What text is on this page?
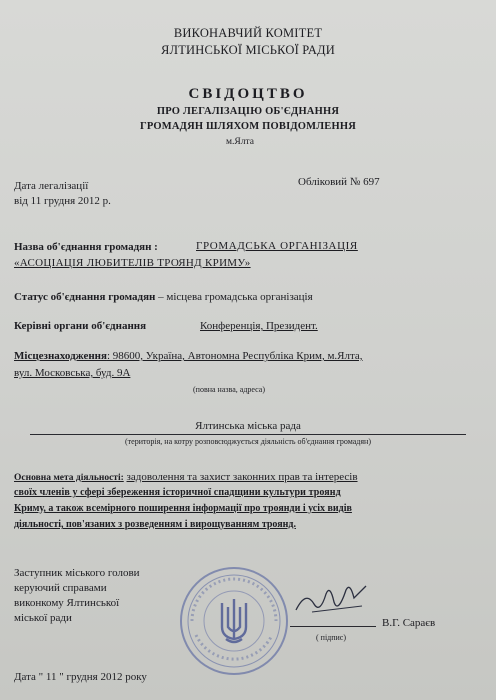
ВИКОНАВЧИЙ КОМІТЕТ
ЯЛТИНСЬКОЇ МІСЬКОЇ РАДИ
СВІДОЦТВО
ПРО ЛЕГАЛІЗАЦІЮ ОБ'ЄДНАННЯ
ГРОМАДЯН ШЛЯХОМ ПОВІДОМЛЕННЯ
м.Ялта
Дата легалізації
від 11 грудня 2012 р.
Обліковий № 697
Назва об'єднання громадян :	ГРОМАДСЬКА ОРГАНІЗАЦІЯ
«АСОЦІАЦІЯ ЛЮБИТЕЛІВ ТРОЯНД КРИМУ»
Статус об'єднання громадян – місцева громадська організація
Керівні органи об'єднання	Конференція, Президент.
Місцезнаходження: 98600, Україна, Автономна Республіка Крим, м.Ялта,
вул. Московська, буд. 9А
(повна назва, адреса)
Ялтинська міська рада
(територія, на котру розповсюджується діяльність об'єднання громадян)
Основна мета діяльності: задоволення та захист законних прав та інтересів
своїх членів у сфері збереження історичної спадщини культури троянд
Криму, а також всемірного поширення інформації про троянди і усіх видів
діяльності, пов'язаних з розведенням і вирощуванням троянд.
Заступник міського голови
керуючий справами
виконкому Ялтинської
міської ради	В.Г. Сараєв
( підпис)
Дата " 11 " грудня 2012 року
